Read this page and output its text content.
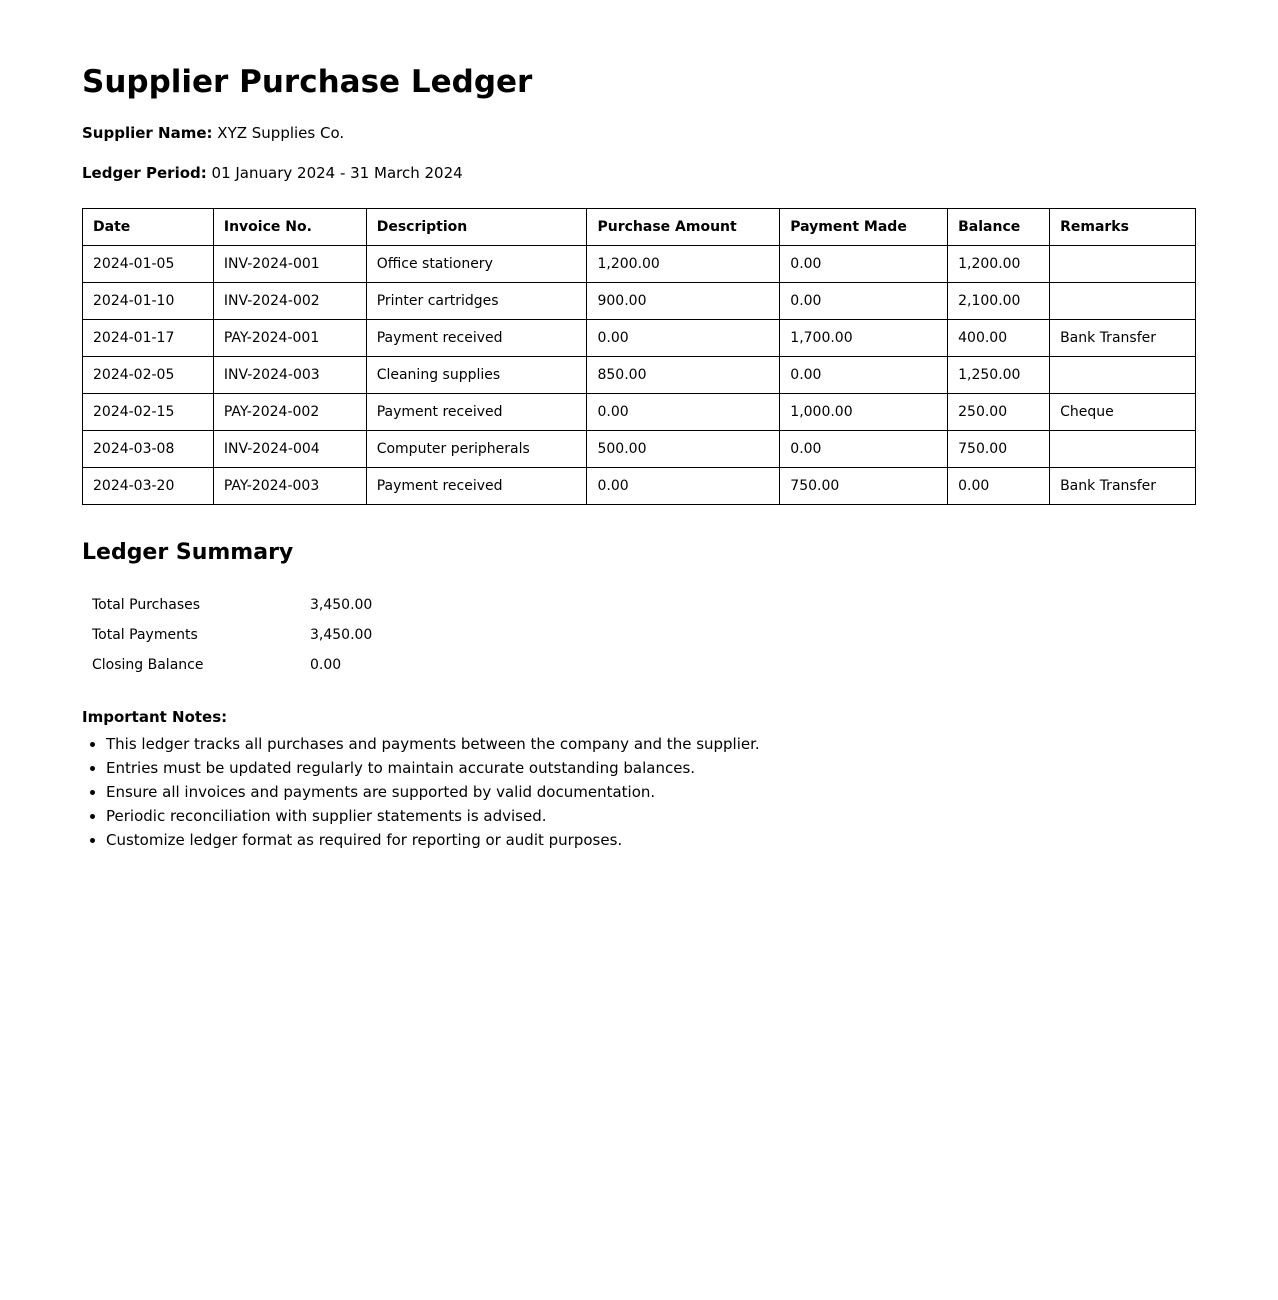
Supplier Purchase Ledger

Supplier Name: XYZ Supplies Co.

Ledger Period: 01 January 2024 - 31 March 2024

Date	Invoice No.	Description	Purchase Amount	Payment Made	Balance	Remarks
2024-01-05	INV-2024-001	Office stationery	1,200.00	0.00	1,200.00	
2024-01-10	INV-2024-002	Printer cartridges	900.00	0.00	2,100.00	
2024-01-17	PAY-2024-001	Payment received	0.00	1,700.00	400.00	Bank Transfer
2024-02-05	INV-2024-003	Cleaning supplies	850.00	0.00	1,250.00	
2024-02-15	PAY-2024-002	Payment received	0.00	1,000.00	250.00	Cheque
2024-03-08	INV-2024-004	Computer peripherals	500.00	0.00	750.00	
2024-03-20	PAY-2024-003	Payment received	0.00	750.00	0.00	Bank Transfer
Ledger Summary
Total Purchases	3,450.00
Total Payments	3,450.00
Closing Balance	0.00
Important Notes:
• This ledger tracks all purchases and payments between the company and the supplier.
• Entries must be updated regularly to maintain accurate outstanding balances.
• Ensure all invoices and payments are supported by valid documentation.
• Periodic reconciliation with supplier statements is advised.
• Customize ledger format as required for reporting or audit purposes.
